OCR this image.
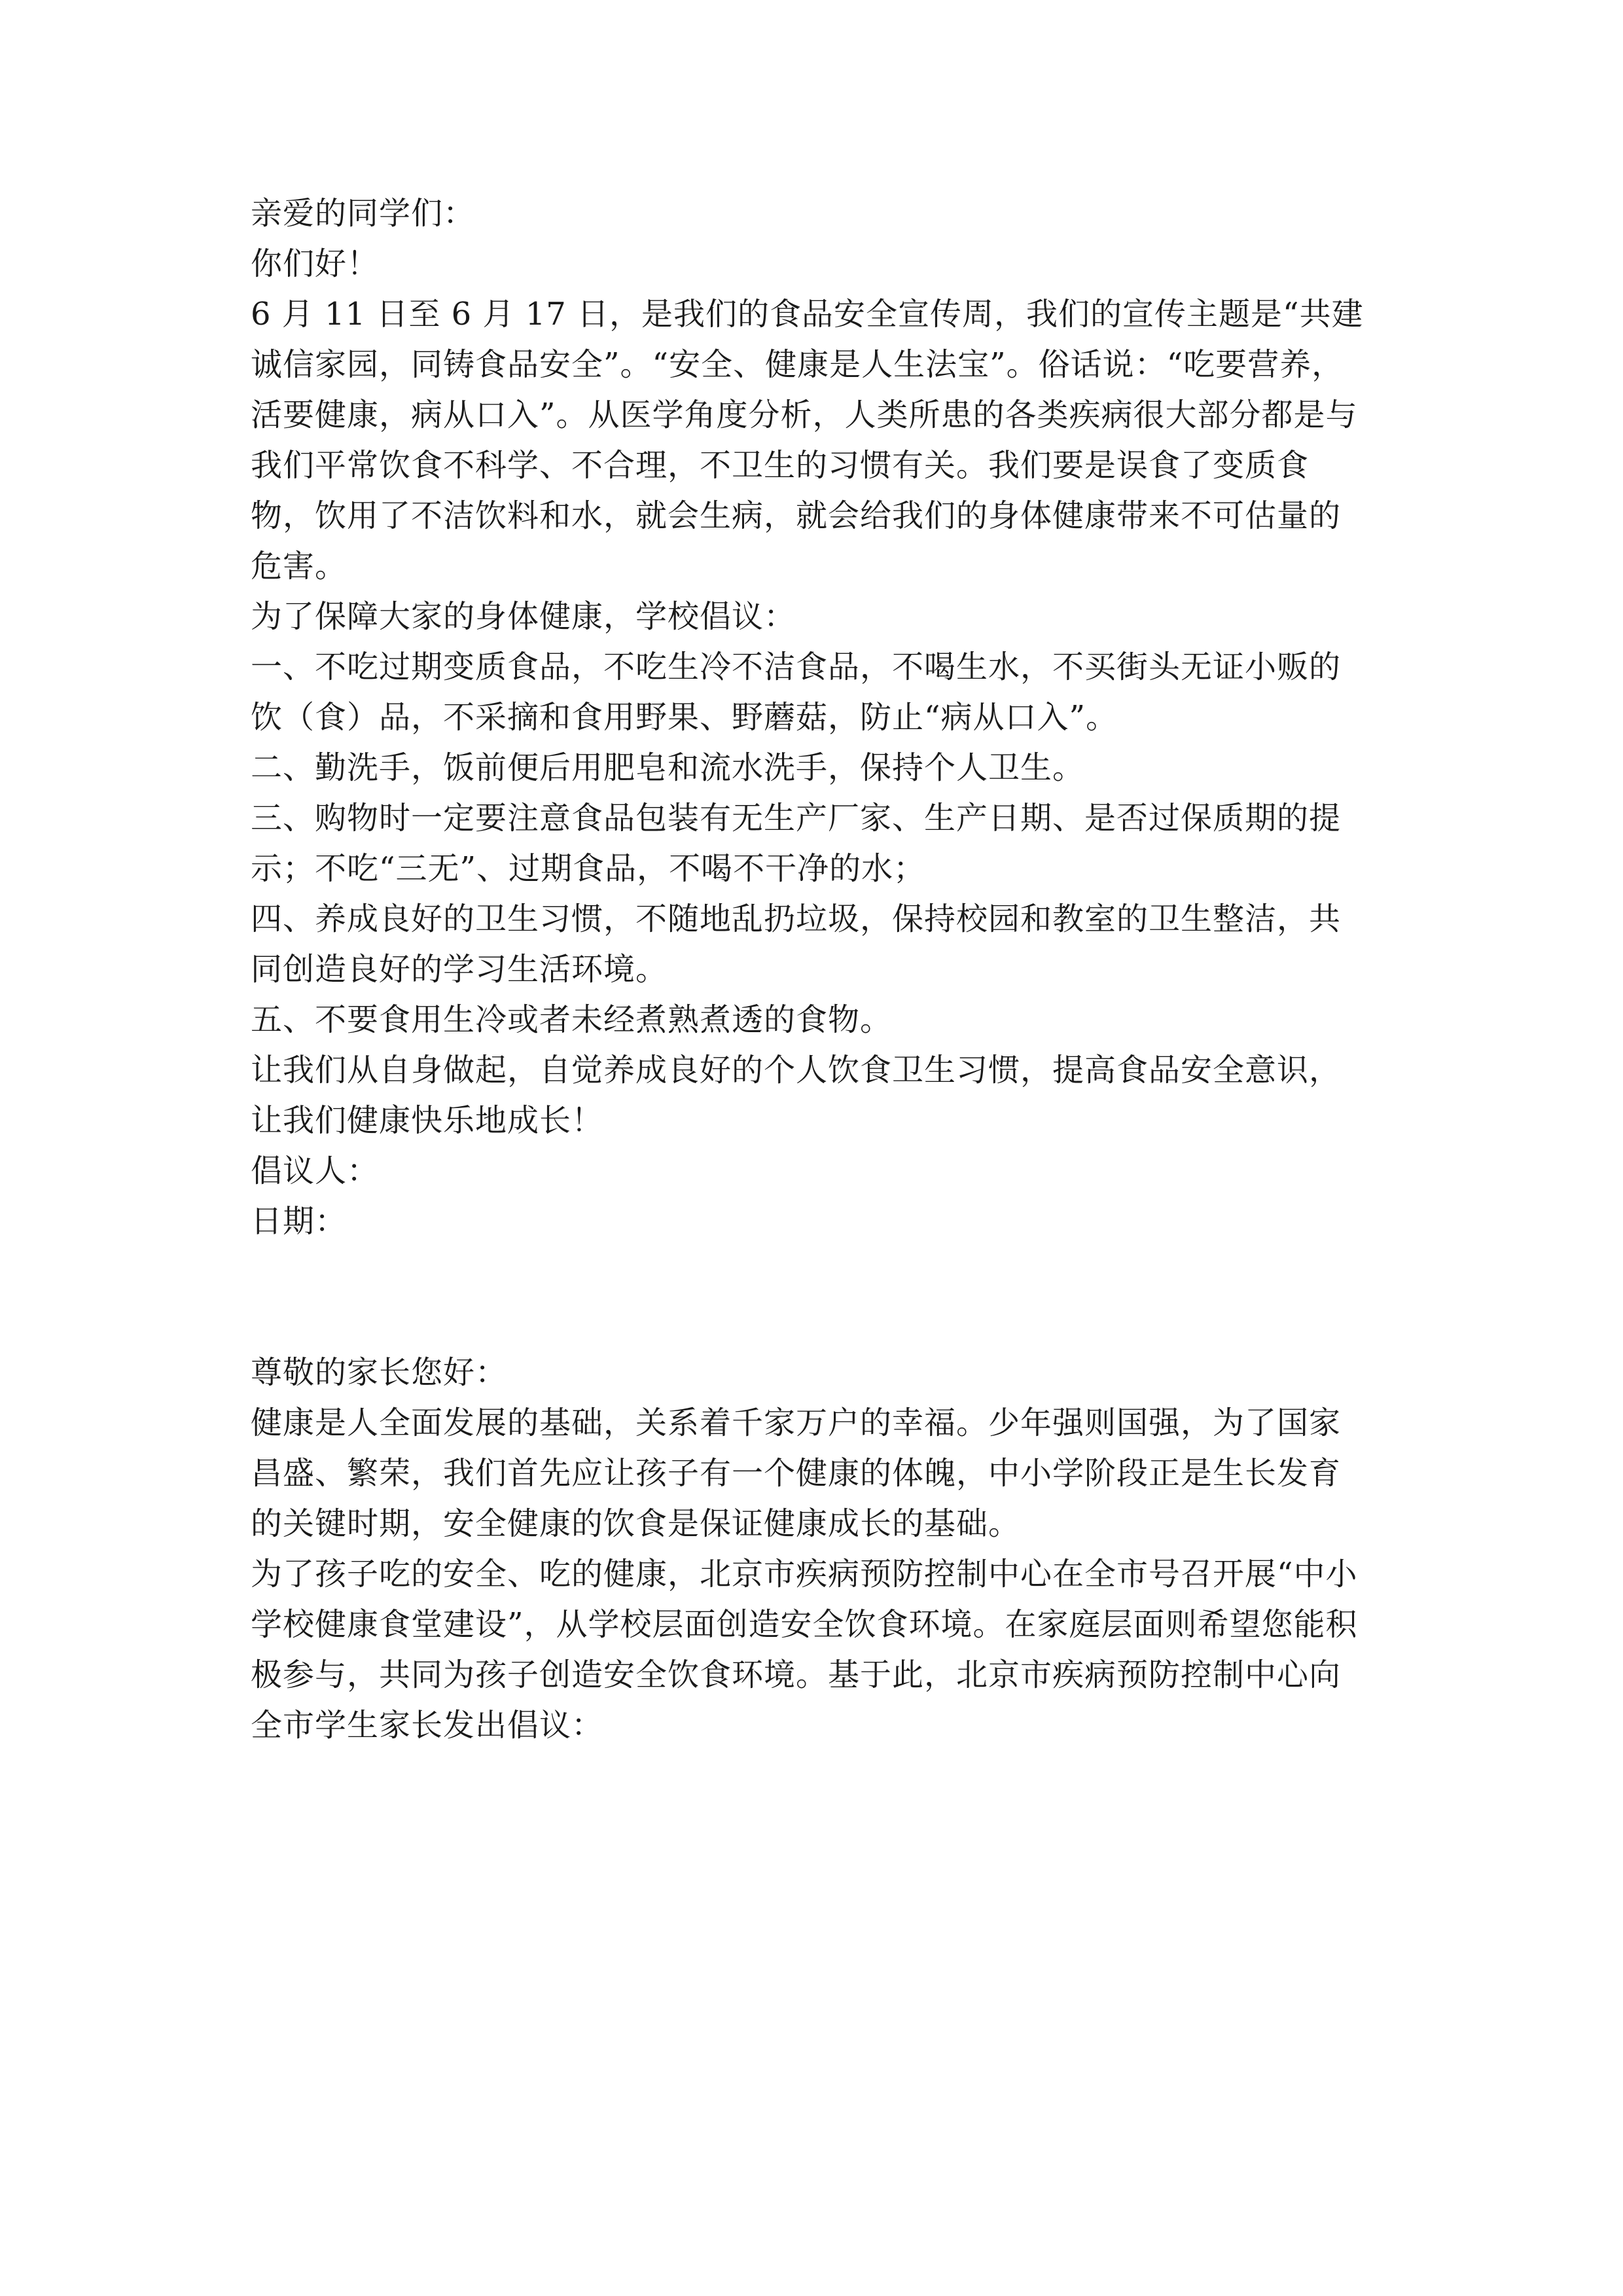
亲爱的同学们：

你们好！

6 月 11 日至 6 月 17 日，是我们的食品安全宣传周，我们的宣传主题是“共建诚信家园，同铸食品安全”。“安全、健康是人生法宝”。俗话说：“吃要营养，活要健康，病从口入”。从医学角度分析，人类所患的各类疾病很大部分都是与我们平常饮食不科学、不合理，不卫生的习惯有关。我们要是误食了变质食物，饮用了不洁饮料和水，就会生病，就会给我们的身体健康带来不可估量的危害。

为了保障大家的身体健康，学校倡议：

一、不吃过期变质食品，不吃生冷不洁食品，不喝生水，不买街头无证小贩的饮（食）品，不采摘和食用野果、野蘑菇，防止“病从口入”。

二、勤洗手，饭前便后用肥皂和流水洗手，保持个人卫生。

三、购物时一定要注意食品包装有无生产厂家、生产日期、是否过保质期的提示；不吃“三无”、过期食品，不喝不干净的水；

四、养成良好的卫生习惯，不随地乱扔垃圾，保持校园和教室的卫生整洁，共同创造良好的学习生活环境。

五、不要食用生冷或者未经煮熟煮透的食物。

让我们从自身做起，自觉养成良好的个人饮食卫生习惯，提高食品安全意识，让我们健康快乐地成长！

倡议人：

日期：

尊敬的家长您好：

健康是人全面发展的基础，关系着千家万户的幸福。少年强则国强，为了国家昌盛、繁荣，我们首先应让孩子有一个健康的体魄，中小学阶段正是生长发育的关键时期，安全健康的饮食是保证健康成长的基础。

为了孩子吃的安全、吃的健康，北京市疾病预防控制中心在全市号召开展“中小学校健康食堂建设”，从学校层面创造安全饮食环境。在家庭层面则希望您能积极参与，共同为孩子创造安全饮食环境。基于此，北京市疾病预防控制中心向全市学生家长发出倡议：
